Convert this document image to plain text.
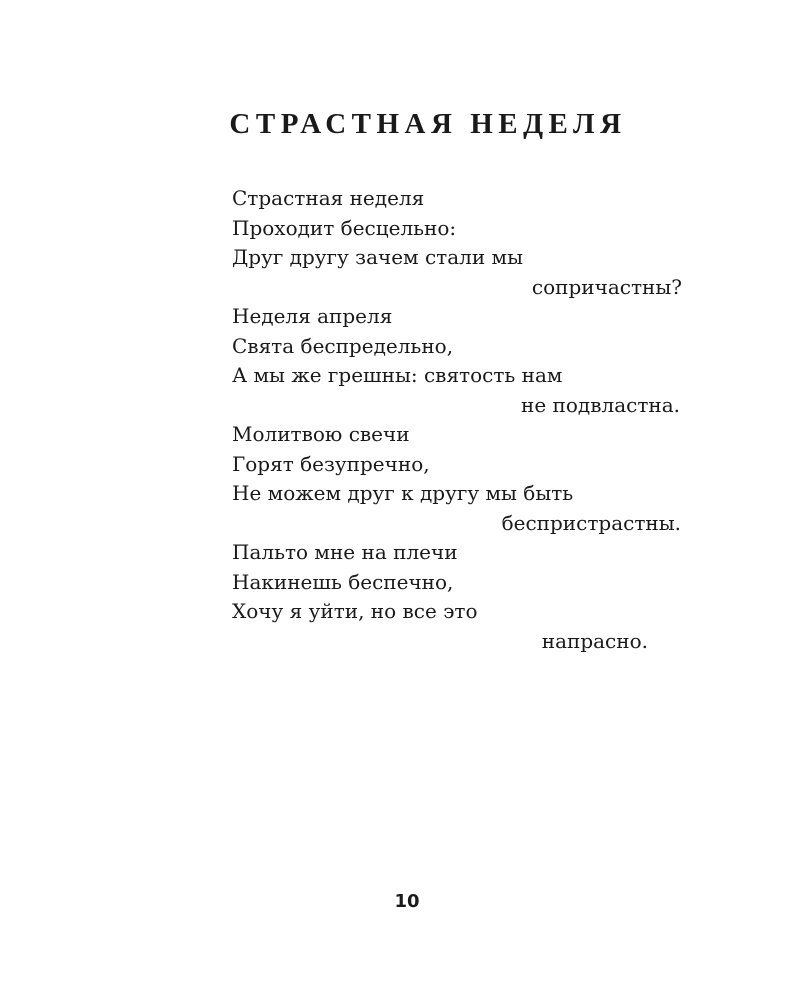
СТРАСТНАЯ НЕДЕЛЯ
Страстная неделя
Проходит бесцельно:
Друг другу зачем стали мы
сопричастны?
Неделя апреля
Свята беспредельно,
А мы же грешны: святость нам
не подвластна.
Молитвою свечи
Горят безупречно,
Не можем друг к другу мы быть
беспристрастны.
Пальто мне на плечи
Накинешь беспечно,
Хочу я уйти, но все это
напрасно.
10
